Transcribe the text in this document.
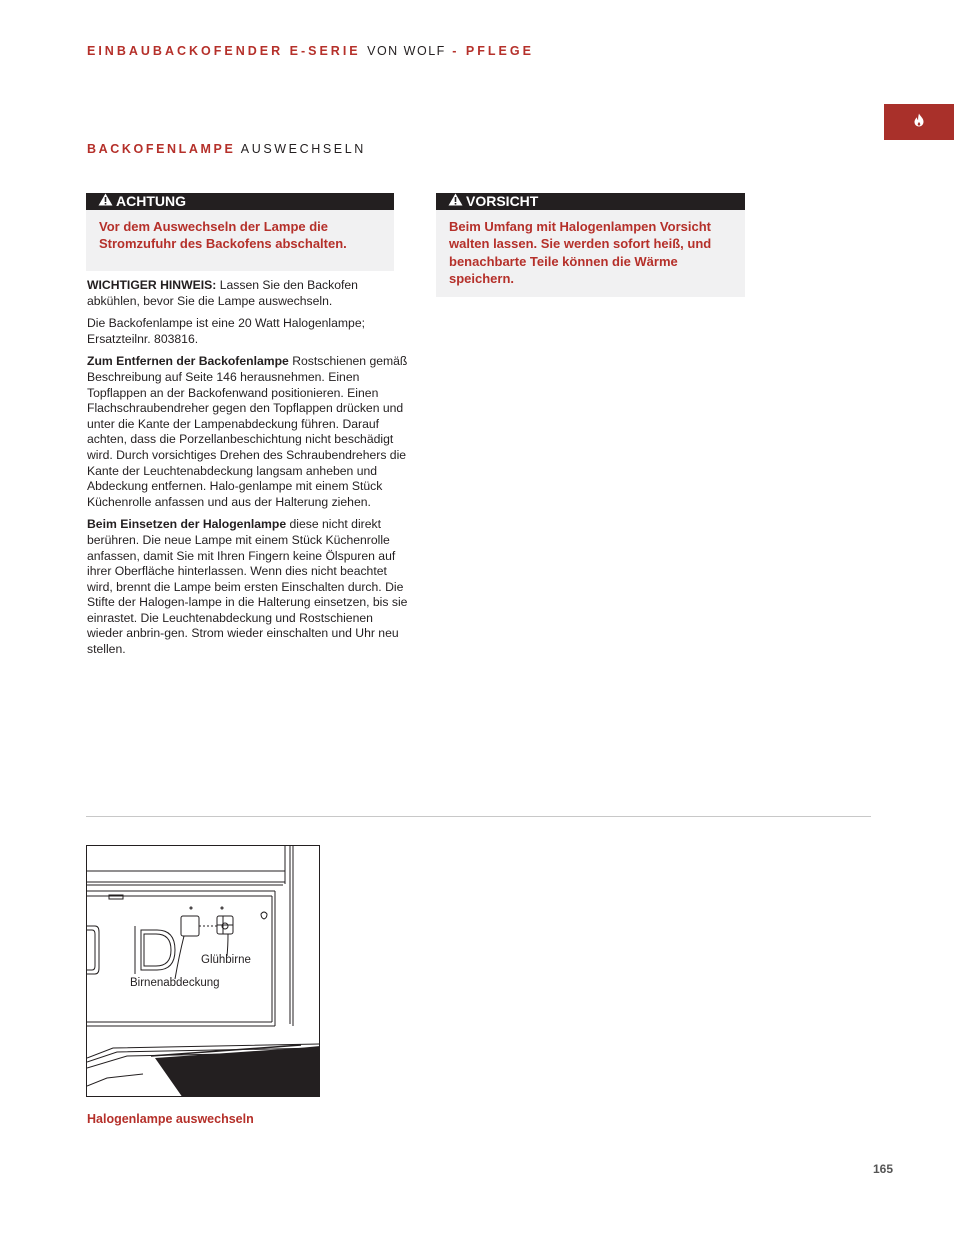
EINBAUBACKOFENDER E-SERIE VON WOLF - PFLEGE
BACKOFENLAMPE AUSWECHSELN
ACHTUNG
Vor dem Auswechseln der Lampe die Stromzufuhr des Backofens abschalten.
VORSICHT
Beim Umfang mit Halogenlampen Vorsicht walten lassen. Sie werden sofort heiß, und benachbarte Teile können die Wärme speichern.

WICHTIGER HINWEIS: Lassen Sie den Backofen abkühlen, bevor Sie die Lampe auswechseln.

Die Backofenlampe ist eine 20 Watt Halogenlampe; Ersatzteilnr. 803816.

Zum Entfernen der Backofenlampe Rostschienen gemäß Beschreibung auf Seite 146 herausnehmen. Einen Topflappen an der Backofenwand positionieren. Einen Flachschraubendreher gegen den Topflappen drücken und unter die Kante der Lampenabdeckung führen. Darauf achten, dass die Porzellanbeschichtung nicht beschädigt wird. Durch vorsichtiges Drehen des Schraubendrehers die Kante der Leuchtenabdeckung langsam anheben und Abdeckung entfernen. Halo-genlampe mit einem Stück Küchenrolle anfassen und aus der Halterung ziehen.

Beim Einsetzen der Halogenlampe diese nicht direkt berühren. Die neue Lampe mit einem Stück Küchenrolle anfassen, damit Sie mit Ihren Fingern keine Ölspuren auf ihrer Oberfläche hinterlassen. Wenn dies nicht beachtet wird, brennt die Lampe beim ersten Einschalten durch. Die Stifte der Halogen-lampe in die Halterung einsetzen, bis sie einrastet. Die Leuchtenabdeckung und Rostschienen wieder anbrin-gen. Strom wieder einschalten und Uhr neu stellen.

Glühbirne
Birnenabdeckung
Halogenlampe auswechseln
165
